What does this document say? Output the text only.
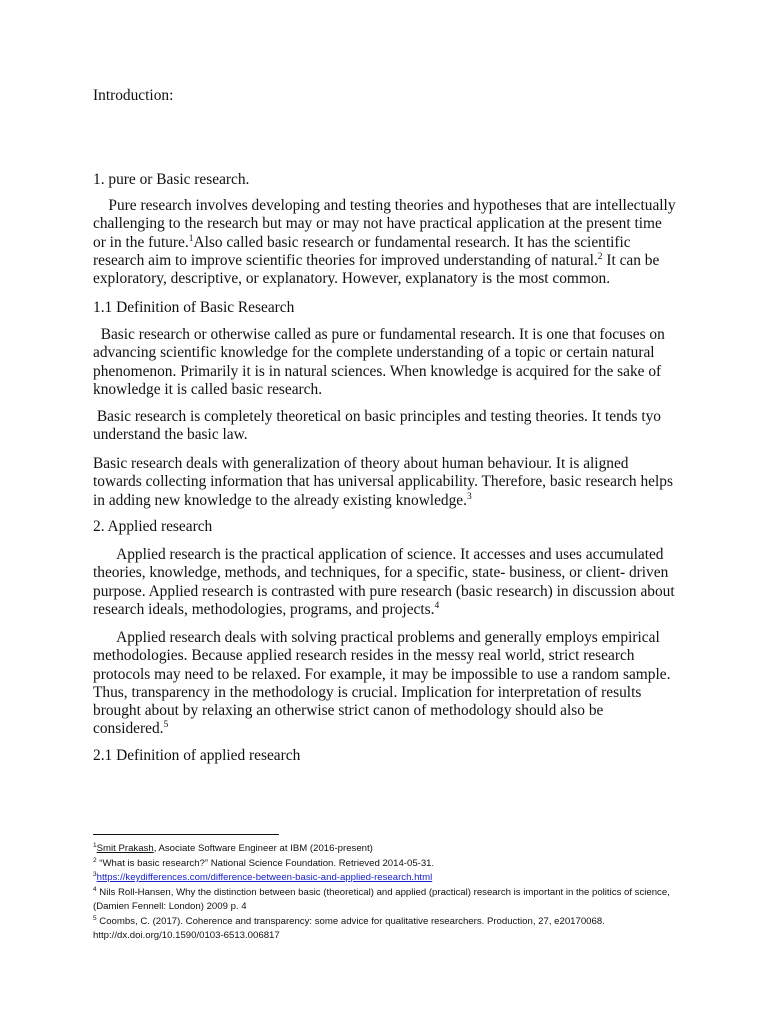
Introduction:
1. pure or Basic research.
Pure research involves developing and testing theories and hypotheses that are intellectually challenging to the research but may or may not have practical application at the present time or in the future.$^1$Also called basic research or fundamental research. It has the scientific research aim to improve scientific theories for improved understanding of natural.$^2$ It can be exploratory, descriptive, or explanatory. However, explanatory is the most common.
1.1 Definition of Basic Research
Basic research or otherwise called as pure or fundamental research. It is one that focuses on advancing scientific knowledge for the complete understanding of a topic or certain natural phenomenon. Primarily it is in natural sciences. When knowledge is acquired for the sake of knowledge it is called basic research.
Basic research is completely theoretical on basic principles and testing theories. It tends tyo understand the basic law.
Basic research deals with generalization of theory about human behaviour. It is aligned towards collecting information that has universal applicability. Therefore, basic research helps in adding new knowledge to the already existing knowledge.$^3$
2. Applied research
Applied research is the practical application of science. It accesses and uses accumulated theories, knowledge, methods, and techniques, for a specific, state- business, or client- driven purpose. Applied research is contrasted with pure research (basic research) in discussion about research ideals, methodologies, programs, and projects.$^4$
Applied research deals with solving practical problems and generally employs empirical methodologies. Because applied research resides in the messy real world, strict research protocols may need to be relaxed. For example, it may be impossible to use a random sample. Thus, transparency in the methodology is crucial. Implication for interpretation of results brought about by relaxing an otherwise strict canon of methodology should also be considered.$^5$
2.1 Definition of applied research

$^1$Smit Prakash, Asociate Software Engineer at IBM (2016-present)

$^2$ “What is basic research?” National Science Foundation. Retrieved 2014-05-31.

$^3$https://keydifferences.com/difference-between-basic-and-applied-research.html

$^4$ Nils Roll-Hansen, Why the distinction between basic (theoretical) and applied (practical) research is important in the politics of science, (Damien Fennell: London) 2009 p. 4

$^5$ Coombs, C. (2017). Coherence and transparency: some advice for qualitative researchers. Production, 27, e20170068. http://dx.doi.org/10.1590/0103-6513.006817
